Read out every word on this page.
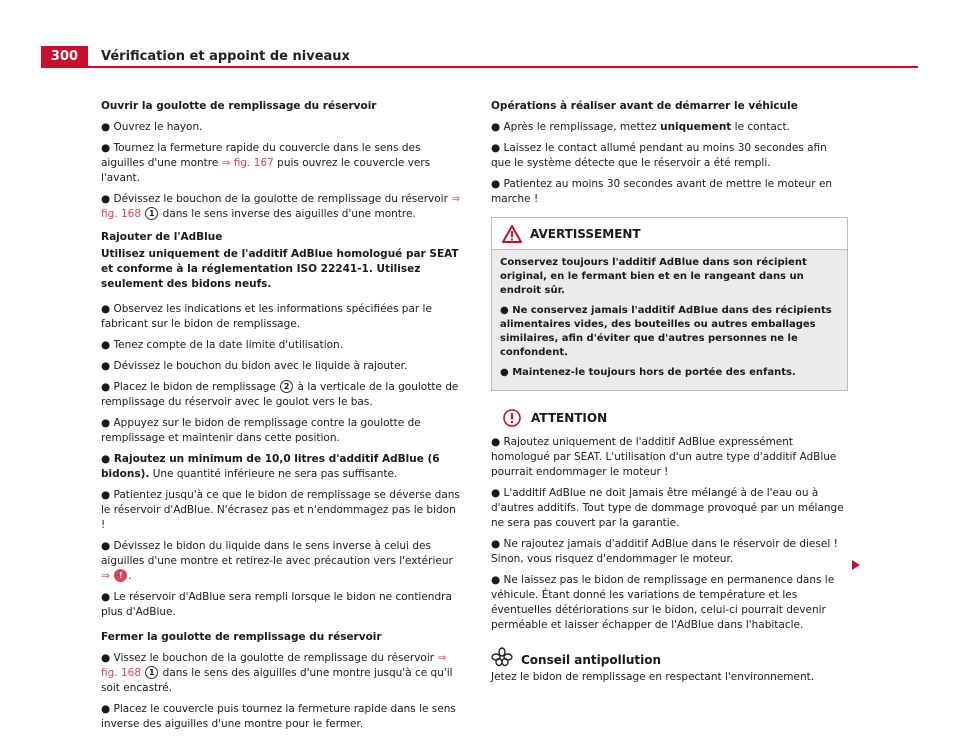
300	Vérification et appoint de niveaux

Ouvrir la goulotte de remplissage du réservoir

● Ouvrez le hayon.

● Tournez la fermeture rapide du couvercle dans le sens des aiguilles d'une montre ⇒ fig. 167 puis ouvrez le couvercle vers l'avant.

● Dévissez le bouchon de la goulotte de remplissage du réservoir ⇒ fig. 168 1 dans le sens inverse des aiguilles d'une montre.

Rajouter de l'AdBlue

Utilisez uniquement de l'additif AdBlue homologué par SEAT et conforme à la réglementation ISO 22241-1. Utilisez seulement des bidons neufs.

● Observez les indications et les informations spécifiées par le fabricant sur le bidon de remplissage.

● Tenez compte de la date limite d'utilisation.

● Dévissez le bouchon du bidon avec le liquide à rajouter.

● Placez le bidon de remplissage 2 à la verticale de la goulotte de remplissage du réservoir avec le goulot vers le bas.

● Appuyez sur le bidon de remplissage contre la goulotte de remplissage et maintenir dans cette position.

● Rajoutez un minimum de 10,0 litres d'additif AdBlue (6 bidons). Une quantité inférieure ne sera pas suffisante.

● Patientez jusqu'à ce que le bidon de remplissage se déverse dans le réservoir d'AdBlue. N'écrasez pas et n'endommagez pas le bidon !

● Dévissez le bidon du liquide dans le sens inverse à celui des aiguilles d'une montre et retirez-le avec précaution vers l'extérieur ⇒ ! .

● Le réservoir d'AdBlue sera rempli lorsque le bidon ne contiendra plus d'AdBlue.

Fermer la goulotte de remplissage du réservoir

● Vissez le bouchon de la goulotte de remplissage du réservoir ⇒ fig. 168 1 dans le sens des aiguilles d'une montre jusqu'à ce qu'il soit encastré.

● Placez le couvercle puis tournez la fermeture rapide dans le sens inverse des aiguilles d'une montre pour le fermer.

Opérations à réaliser avant de démarrer le véhicule

● Après le remplissage, mettez uniquement le contact.

● Laissez le contact allumé pendant au moins 30 secondes afin que le système détecte que le réservoir a été rempli.

● Patientez au moins 30 secondes avant de mettre le moteur en marche !

AVERTISSEMENT

Conservez toujours l'additif AdBlue dans son récipient original, en le fermant bien et en le rangeant dans un endroit sûr.

● Ne conservez jamais l'additif AdBlue dans des récipients alimentaires vides, des bouteilles ou autres emballages similaires, afin d'éviter que d'autres personnes ne le confondent.

● Maintenez-le toujours hors de portée des enfants.

ATTENTION

● Rajoutez uniquement de l'additif AdBlue expressément homologué par SEAT. L'utilisation d'un autre type d'additif AdBlue pourrait endommager le moteur !

● L'additif AdBlue ne doit jamais être mélangé à de l'eau ou à d'autres additifs. Tout type de dommage provoqué par un mélange ne sera pas couvert par la garantie.

● Ne rajoutez jamais d'additif AdBlue dans le réservoir de diesel ! Sinon, vous risquez d'endommager le moteur.

● Ne laissez pas le bidon de remplissage en permanence dans le véhicule. Étant donné les variations de température et les éventuelles détériorations sur le bidon, celui-ci pourrait devenir perméable et laisser échapper de l'AdBlue dans l'habitacle.

Conseil antipollution

Jetez le bidon de remplissage en respectant l'environnement.
